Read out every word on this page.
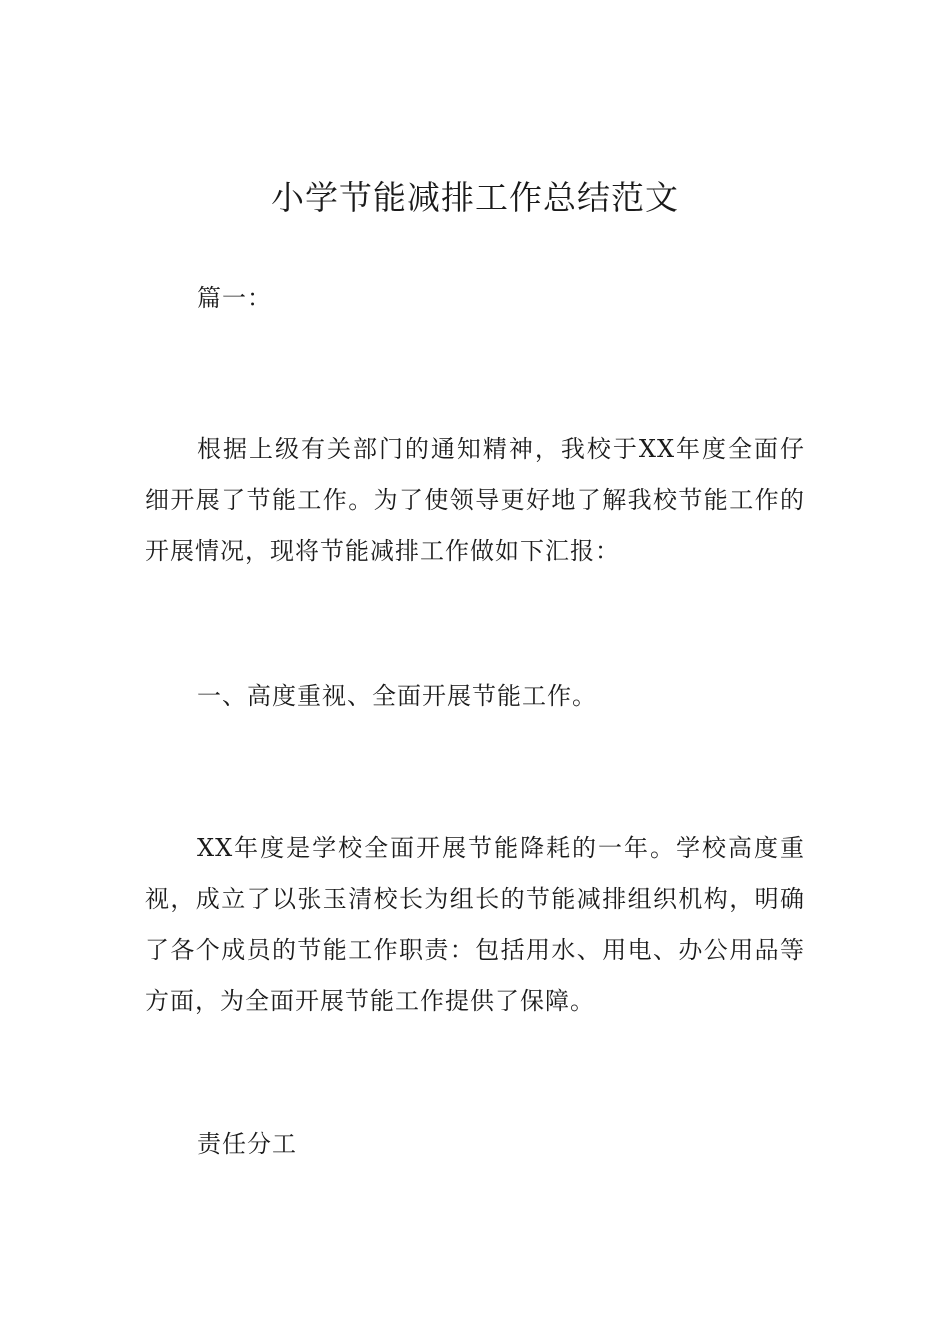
小学节能减排工作总结范文

篇一：

根据上级有关部门的通知精神，我校于XX年度全面仔细开展了节能工作。为了使领导更好地了解我校节能工作的开展情况，现将节能减排工作做如下汇报：

一、高度重视、全面开展节能工作。

XX年度是学校全面开展节能降耗的一年。学校高度重视，成立了以张玉清校长为组长的节能减排组织机构，明确了各个成员的节能工作职责：包括用水、用电、办公用品等方面，为全面开展节能工作提供了保障。

责任分工
